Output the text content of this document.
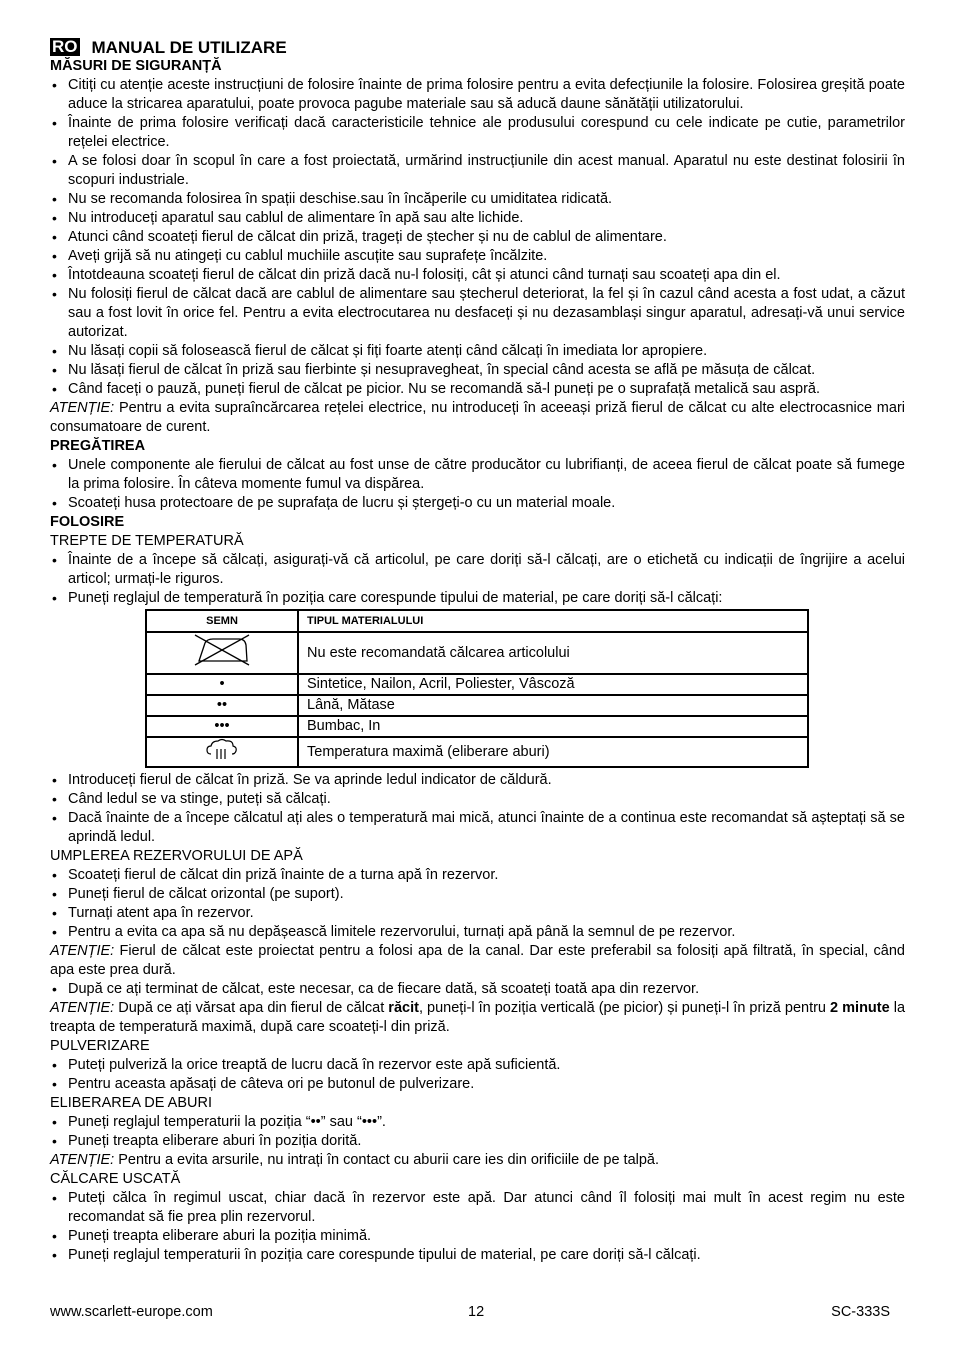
RO MANUAL DE UTILIZARE
MĂSURI DE SIGURANȚĂ
• Citiți cu atenție aceste instrucțiuni de folosire înainte de prima folosire pentru a evita defecțiunile la folosire. Folosirea greșită poate aduce la stricarea aparatului, poate provoca pagube materiale sau să aducă daune sănătății utilizatorului.
• Înainte de prima folosire verificați dacă caracteristicile tehnice ale produsului corespund cu cele indicate pe cutie, parametrilor rețelei electrice.
• A se folosi doar în scopul în care a fost proiectată, urmărind instrucțiunile din acest manual. Aparatul nu este destinat folosirii în scopuri industriale.
• Nu se recomanda folosirea în spații deschise.sau în încăperile cu umiditatea ridicată.
• Nu introduceți aparatul sau cablul de alimentare în apă sau alte lichide.
• Atunci când scoateți fierul de călcat din priză, trageți de ștecher și nu de cablul de alimentare.
• Aveți grijă să nu atingeți cu cablul muchiile ascuțite sau suprafețe încălzite.
• Întotdeauna scoateți fierul de călcat din priză dacă nu-l folosiți, cât și atunci când turnați sau scoateți apa din el.
• Nu folosiți fierul de călcat dacă are cablul de alimentare sau ștecherul deteriorat, la fel și în cazul când acesta a fost udat, a căzut sau a fost lovit în orice fel. Pentru a evita electrocutarea nu desfaceți și nu dezasamblași singur aparatul, adresați-vă unui service autorizat.
• Nu lăsați copii să folosească fierul de călcat și fiți foarte atenți când călcați în imediata lor apropiere.
• Nu lăsați fierul de călcat în priză sau fierbinte și nesupravegheat, în special când acesta se află pe măsuța de călcat.
• Când faceți o pauză, puneți fierul de călcat pe picior. Nu se recomandă să-l puneți pe o suprafață metalică sau aspră.
ATENȚIE: Pentru a evita supraîncărcarea rețelei electrice, nu introduceți în aceeași priză fierul de călcat cu alte electrocasnice mari consumatoare de curent.
PREGĂTIREA
• Unele componente ale fierului de călcat au fost unse de către producător cu lubrifianți, de aceea fierul de călcat poate să fumege la prima folosire. În câteva momente fumul va dispărea.
• Scoateți husa protectoare de pe suprafața de lucru și ștergeți-o cu un material moale.
FOLOSIRE
TREPTE DE TEMPERATURĂ
• Înainte de a începe să călcați, asigurați-vă că articolul, pe care doriți să-l călcați, are o etichetă cu indicații de îngrijire a acelui articol; urmați-le riguros.
• Puneți reglajul de temperatură în poziția care corespunde tipului de material, pe care doriți să-l călcați:
SEMN	TIPUL MATERIALULUI
	Nu este recomandată călcarea articolului
•	Sintetice, Nailon, Acril, Poliester, Vâscoză
••	Lână, Mătase
•••	Bumbac, In
	Temperatura maximă (eliberare aburi)
• Introduceți fierul de călcat în priză. Se va aprinde ledul indicator de căldură.
• Când ledul se va stinge, puteți să călcați.
• Dacă înainte de a începe călcatul ați ales o temperatură mai mică, atunci înainte de a continua este recomandat să așteptați să se aprindă ledul.
UMPLEREA REZERVORULUI DE APĂ
• Scoateți fierul de călcat din priză înainte de a turna apă în rezervor.
• Puneți fierul de călcat orizontal (pe suport).
• Turnați atent apa în rezervor.
• Pentru a evita ca apa să nu depășească limitele rezervorului, turnați apă până la semnul de pe rezervor.
ATENȚIE: Fierul de călcat este proiectat pentru a folosi apa de la canal. Dar este preferabil sa folosiți apă filtrată, în special, când apa este prea dură.
• După ce ați terminat de călcat, este necesar, ca de fiecare dată, să scoateți toată apa din rezervor.
ATENȚIE: După ce ați vărsat apa din fierul de călcat răcit, puneți-l în poziția verticală (pe picior) și puneți-l în priză pentru 2 minute la treapta de temperatură maximă, după care scoateți-l din priză.
PULVERIZARE
• Puteți pulveriză la orice treaptă de lucru dacă în rezervor este apă suficientă.
• Pentru aceasta apăsați de câteva ori pe butonul de pulverizare.
ELIBERAREA DE ABURI
• Puneți reglajul temperaturii la poziția “••” sau “•••”.
• Puneți treapta eliberare aburi în poziția dorită.
ATENȚIE: Pentru a evita arsurile, nu intrați în contact cu aburii care ies din orificiile de pe talpă.
CĂLCARE USCATĂ
• Puteți călca în regimul uscat, chiar dacă în rezervor este apă. Dar atunci când îl folosiți mai mult în acest regim nu este recomandat să fie prea plin rezervorul.
• Puneți treapta eliberare aburi la poziția minimă.
• Puneți reglajul temperaturii în poziția care corespunde tipului de material, pe care doriți să-l călcați.
www.scarlett-europe.com	12	SC-333S
